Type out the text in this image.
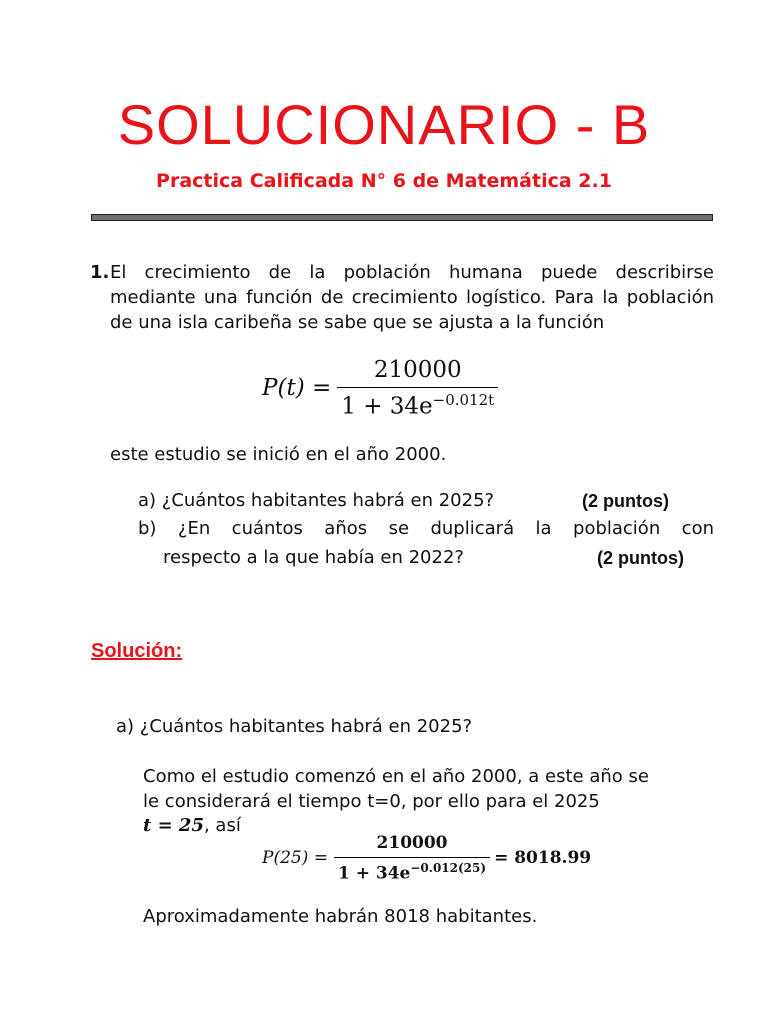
SOLUCIONARIO - B
Practica Calificada N° 6 de Matemática 2.1
1. El crecimiento de la población humana puede describirse mediante una función de crecimiento logístico. Para la población de una isla caribeña se sabe que se ajusta a la función
$P(t) = \frac{210000}{1 + 34e^{-0.012t}}$

este estudio se inició en el año 2000.

a) ¿Cuántos habitantes habrá en 2025?	(2 puntos)

b) ¿En cuántos años se duplicará la población con

respecto a la que había en 2022?	(2 puntos)
Solución:

a) ¿Cuántos habitantes habrá en 2025?

Como el estudio comenzó en el año 2000, a este año se

le considerará el tiempo t=0, por ello para el 2025

t = 25, así

$P(25) = \frac{210000}{1 + 34e^{-0.012(25)}} = 8018.99$

Aproximadamente habrán 8018 habitantes.
